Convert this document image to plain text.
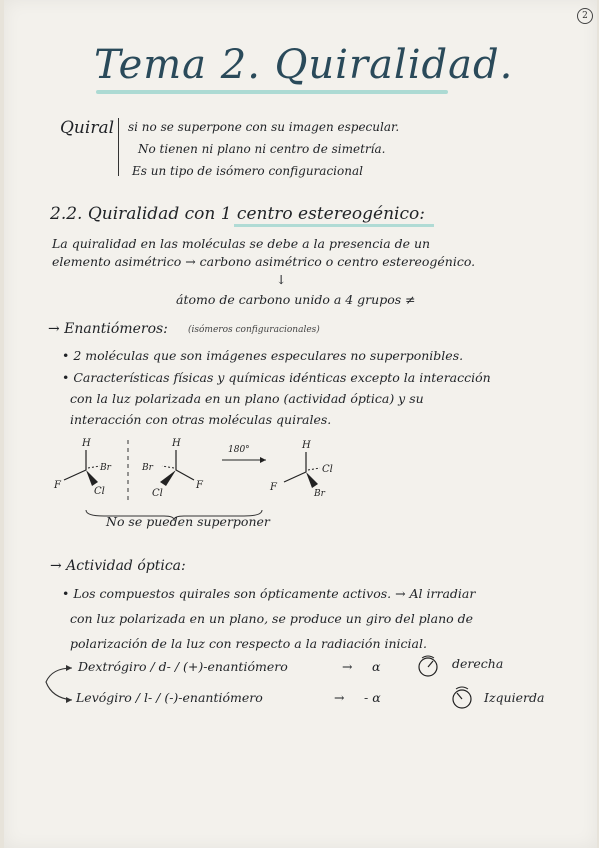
2
Tema 2. Quiralidad.
Quiral si no se superpone con su imagen especular.
No tienen ni plano ni centro de simetría.
Es un tipo de isómero configuracional
2.2. Quiralidad con 1 centro estereogénico:
La quiralidad en las moléculas se debe a la presencia de un
elemento asimétrico → carbono asimétrico o centro estereogénico.
↓
átomo de carbono unido a 4 grupos ≠
→ Enantiómeros: (isómeros configuracionales)
• 2 moléculas que son imágenes especulares no superponibles.
• Características físicas y químicas idénticas excepto la interacción
con la luz polarizada en un plano (actividad óptica) y su
interacción con otras moléculas quirales.
H
F
Br
Cl
H
F
Br
Cl
180°	H
F
Cl
Br
No se pueden superponer
→ Actividad óptica:
• Los compuestos quirales son ópticamente activos. → Al irradiar
con luz polarizada en un plano, se produce un giro del plano de
polarización de la luz con respecto a la radiación inicial.
Dextrógiro / d- / (+)-enantiómero	→ α	derecha
Levógiro / l- / (-)-enantiómero	→ - α	Izquierda
